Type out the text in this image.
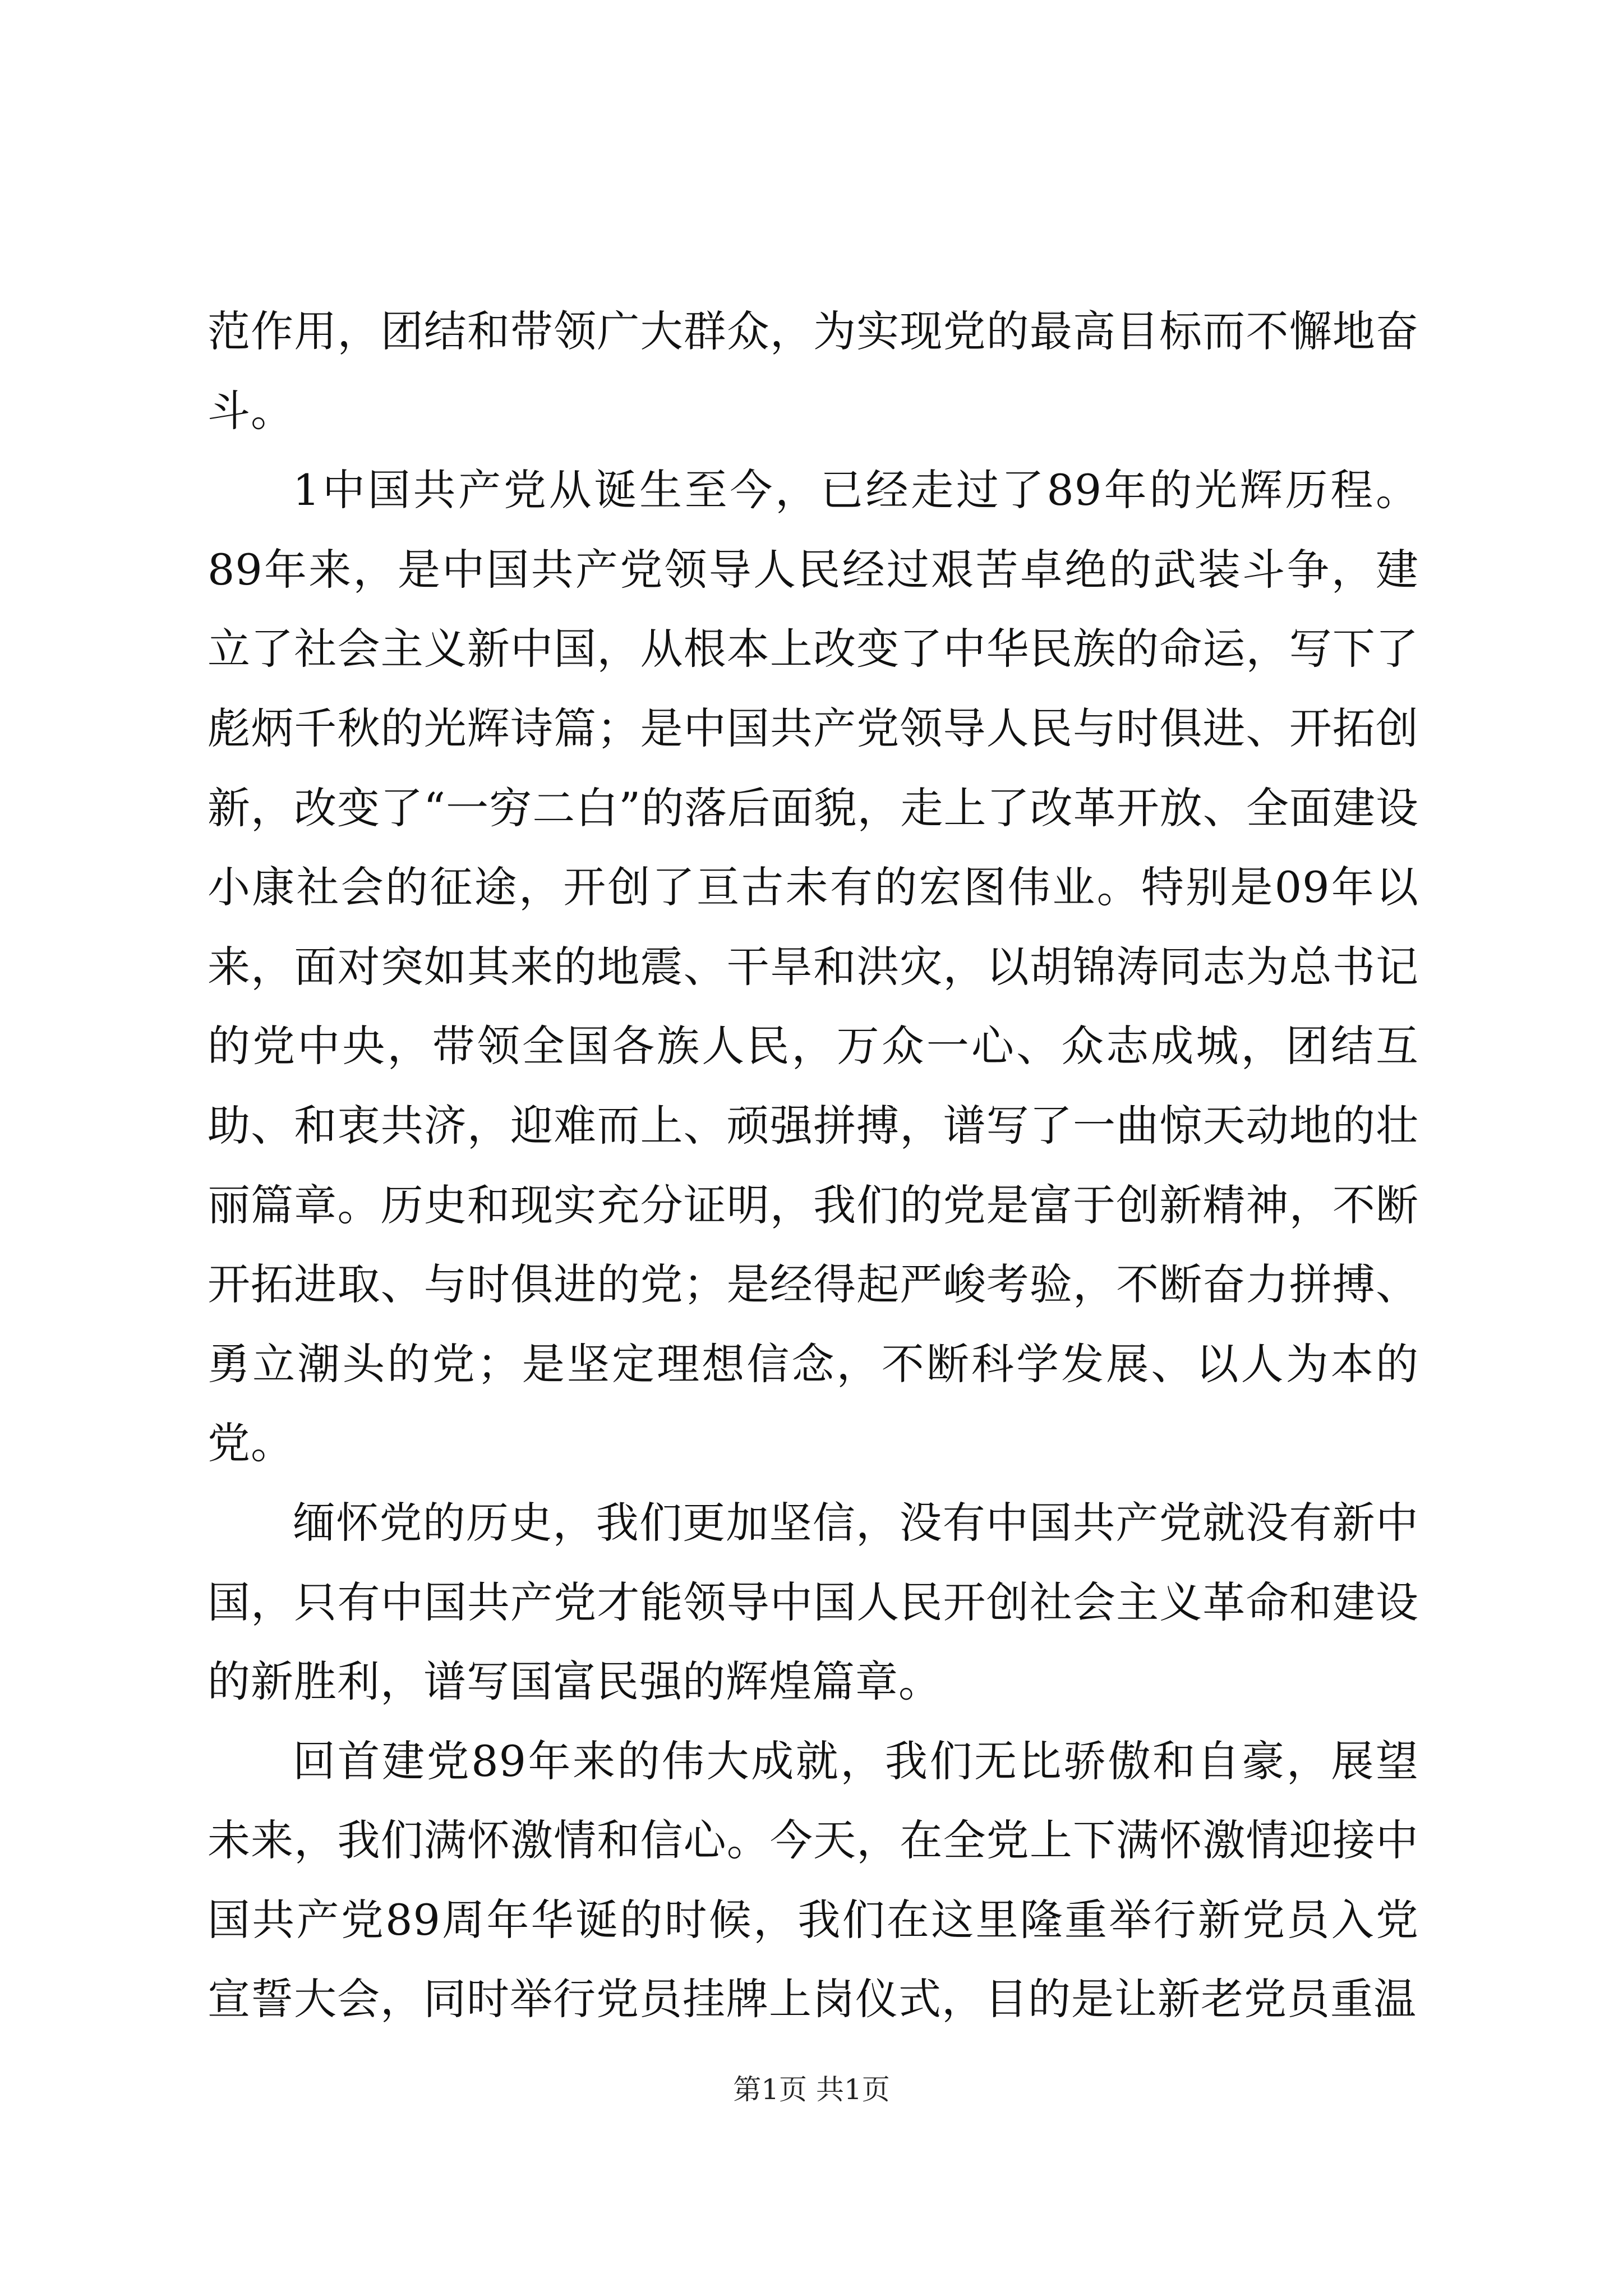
范作用，团结和带领广大群众，为实现党的最高目标而不懈地奋斗。

1中国共产党从诞生至今，已经走过了89年的光辉历程。89年来，是中国共产党领导人民经过艰苦卓绝的武装斗争，建立了社会主义新中国，从根本上改变了中华民族的命运，写下了彪炳千秋的光辉诗篇；是中国共产党领导人民与时俱进、开拓创新，改变了“一穷二白”的落后面貌，走上了改革开放、全面建设小康社会的征途，开创了亘古未有的宏图伟业。特别是09年以来，面对突如其来的地震、干旱和洪灾，以胡锦涛同志为总书记的党中央，带领全国各族人民，万众一心、众志成城，团结互助、和衷共济，迎难而上、顽强拼搏，谱写了一曲惊天动地的壮丽篇章。历史和现实充分证明，我们的党是富于创新精神，不断开拓进取、与时俱进的党；是经得起严峻考验，不断奋力拼搏、勇立潮头的党；是坚定理想信念，不断科学发展、以人为本的党。

缅怀党的历史，我们更加坚信，没有中国共产党就没有新中国，只有中国共产党才能领导中国人民开创社会主义革命和建设的新胜利，谱写国富民强的辉煌篇章。

回首建党89年来的伟大成就，我们无比骄傲和自豪，展望未来，我们满怀激情和信心。今天，在全党上下满怀激情迎接中国共产党89周年华诞的时候，我们在这里隆重举行新党员入党宣誓大会，同时举行党员挂牌上岗仪式，目的是让新老党员重温

第1页 共1页
